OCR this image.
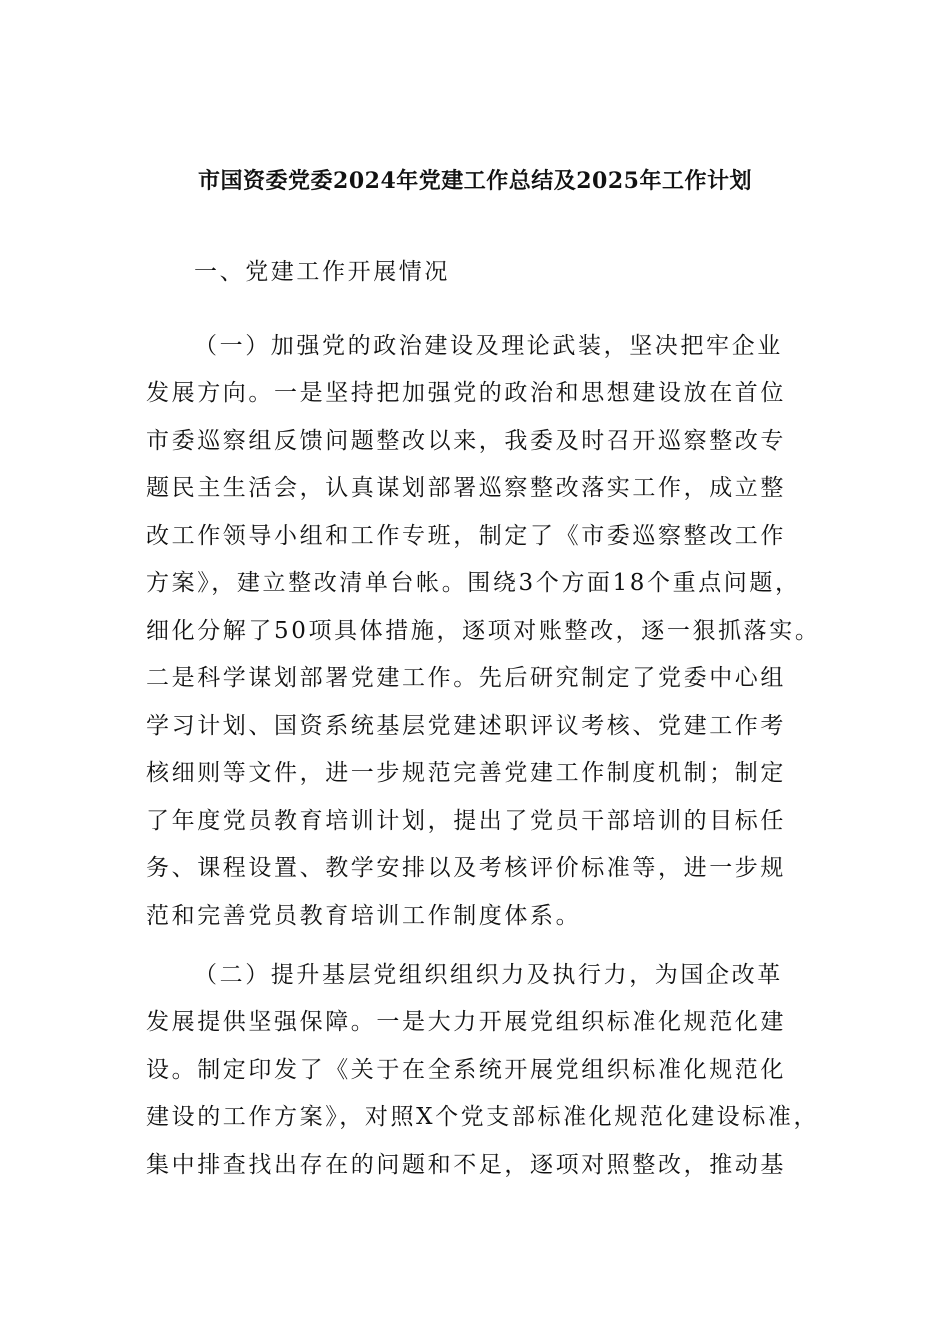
市国资委党委2024年党建工作总结及2025年工作计划
一、党建工作开展情况
（一）加强党的政治建设及理论武装，坚决把牢企业
发展方向。一是坚持把加强党的政治和思想建设放在首位
市委巡察组反馈问题整改以来，我委及时召开巡察整改专
题民主生活会，认真谋划部署巡察整改落实工作，成立整
改工作领导小组和工作专班，制定了《市委巡察整改工作
方案》，建立整改清单台帐。围绕3个方面18个重点问题，
细化分解了50项具体措施，逐项对账整改，逐一狠抓落实。
二是科学谋划部署党建工作。先后研究制定了党委中心组
学习计划、国资系统基层党建述职评议考核、党建工作考
核细则等文件，进一步规范完善党建工作制度机制；制定
了年度党员教育培训计划，提出了党员干部培训的目标任
务、课程设置、教学安排以及考核评价标准等，进一步规
范和完善党员教育培训工作制度体系。
（二）提升基层党组织组织力及执行力，为国企改革
发展提供坚强保障。一是大力开展党组织标准化规范化建
设。制定印发了《关于在全系统开展党组织标准化规范化
建设的工作方案》，对照X个党支部标准化规范化建设标准，
集中排查找出存在的问题和不足，逐项对照整改，推动基
